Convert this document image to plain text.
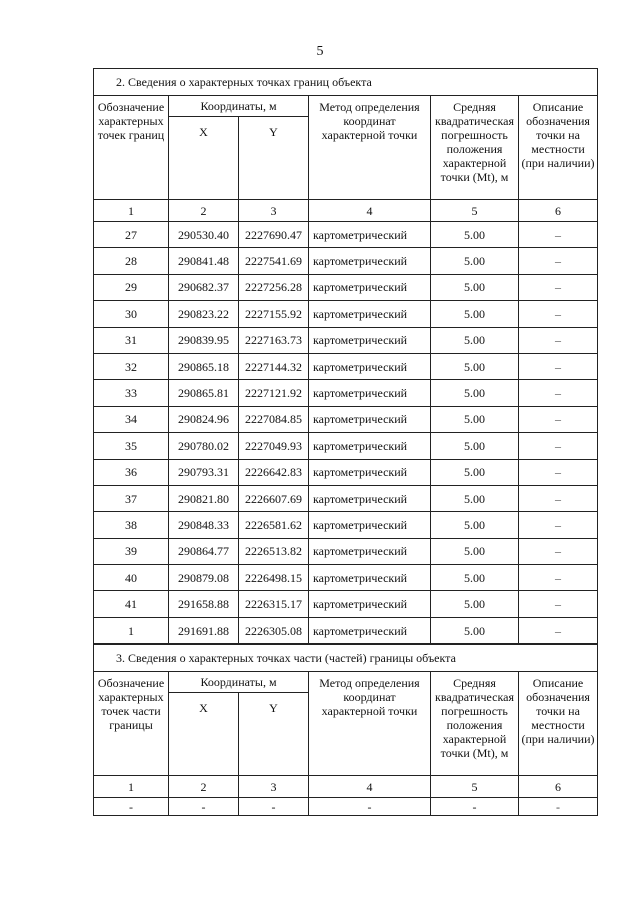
5
2. Сведения о характерных точках границ объекта					
Обозначение характерных точек границ	Координаты, м		Метод определения координат характерной точки	Средняя квадратическая погрешность положения характерной точки (Mt), м	Описание обозначения точки на местности (при наличии)
	X	Y			
1	2	3	4	5	6
27	290530.40	2227690.47	картометрический	5.00	–
28	290841.48	2227541.69	картометрический	5.00	–
29	290682.37	2227256.28	картометрический	5.00	–
30	290823.22	2227155.92	картометрический	5.00	–
31	290839.95	2227163.73	картометрический	5.00	–
32	290865.18	2227144.32	картометрический	5.00	–
33	290865.81	2227121.92	картометрический	5.00	–
34	290824.96	2227084.85	картометрический	5.00	–
35	290780.02	2227049.93	картометрический	5.00	–
36	290793.31	2226642.83	картометрический	5.00	–
37	290821.80	2226607.69	картометрический	5.00	–
38	290848.33	2226581.62	картометрический	5.00	–
39	290864.77	2226513.82	картометрический	5.00	–
40	290879.08	2226498.15	картометрический	5.00	–
41	291658.88	2226315.17	картометрический	5.00	–
1	291691.88	2226305.08	картометрический	5.00	–
3. Сведения о характерных точках части (частей) границы объекта					
Обозначение характерных точек части границы	Координаты, м		Метод определения координат характерной точки	Средняя квадратическая погрешность положения характерной точки (Mt), м	Описание обозначения точки на местности (при наличии)
	X	Y			
1	2	3	4	5	6
-	-	-	-	-	-
